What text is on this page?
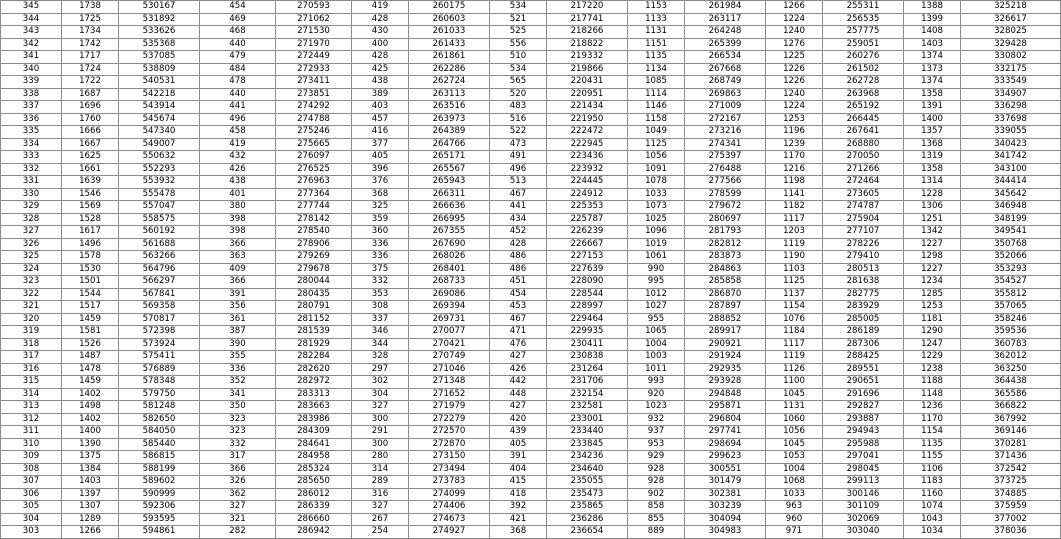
345	1738	530167	454	270593	419	260175	534	217220	1153	261984	1266	255311	1388	325218
344	1725	531892	469	271062	428	260603	521	217741	1133	263117	1224	256535	1399	326617
343	1734	533626	468	271530	430	261033	525	218266	1131	264248	1240	257775	1408	328025
342	1742	535368	440	271970	400	261433	556	218822	1151	265399	1276	259051	1403	329428
341	1717	537085	479	272449	428	261861	510	219332	1135	266534	1225	260276	1374	330802
340	1724	538809	484	272933	425	262286	534	219866	1134	267668	1226	261502	1373	332175
339	1722	540531	478	273411	438	262724	565	220431	1085	268749	1226	262728	1374	333549
338	1687	542218	440	273851	389	263113	520	220951	1114	269863	1240	263968	1358	334907
337	1696	543914	441	274292	403	263516	483	221434	1146	271009	1224	265192	1391	336298
336	1760	545674	496	274788	457	263973	516	221950	1158	272167	1253	266445	1400	337698
335	1666	547340	458	275246	416	264389	522	222472	1049	273216	1196	267641	1357	339055
334	1667	549007	419	275665	377	264766	473	222945	1125	274341	1239	268880	1368	340423
333	1625	550632	432	276097	405	265171	491	223436	1056	275397	1170	270050	1319	341742
332	1661	552293	426	276525	396	265567	496	223932	1091	276488	1216	271266	1358	343100
331	1639	553932	438	276963	376	265943	513	224445	1078	277566	1198	272464	1314	344414
330	1546	555478	401	277364	368	266311	467	224912	1033	278599	1141	273605	1228	345642
329	1569	557047	380	277744	325	266636	441	225353	1073	279672	1182	274787	1306	346948
328	1528	558575	398	278142	359	266995	434	225787	1025	280697	1117	275904	1251	348199
327	1617	560192	398	278540	360	267355	452	226239	1096	281793	1203	277107	1342	349541
326	1496	561688	366	278906	336	267690	428	226667	1019	282812	1119	278226	1227	350768
325	1578	563266	363	279269	336	268026	486	227153	1061	283873	1190	279410	1298	352066
324	1530	564796	409	279678	375	268401	486	227639	990	284863	1103	280513	1227	353293
323	1501	566297	366	280044	332	268733	451	228090	995	285858	1125	281638	1234	354527
322	1544	567841	391	280435	353	269086	454	228544	1012	286870	1137	282775	1285	355812
321	1517	569358	356	280791	308	269394	453	228997	1027	287897	1154	283929	1253	357065
320	1459	570817	361	281152	337	269731	467	229464	955	288852	1076	285005	1181	358246
319	1581	572398	387	281539	346	270077	471	229935	1065	289917	1184	286189	1290	359536
318	1526	573924	390	281929	344	270421	476	230411	1004	290921	1117	287306	1247	360783
317	1487	575411	355	282284	328	270749	427	230838	1003	291924	1119	288425	1229	362012
316	1478	576889	336	282620	297	271046	426	231264	1011	292935	1126	289551	1238	363250
315	1459	578348	352	282972	302	271348	442	231706	993	293928	1100	290651	1188	364438
314	1402	579750	341	283313	304	271652	448	232154	920	294848	1045	291696	1148	365586
313	1498	581248	350	283663	327	271979	427	232581	1023	295871	1131	292827	1236	366822
312	1402	582650	323	283986	300	272279	420	233001	932	296804	1060	293887	1170	367992
311	1400	584050	323	284309	291	272570	439	233440	937	297741	1056	294943	1154	369146
310	1390	585440	332	284641	300	272870	405	233845	953	298694	1045	295988	1135	370281
309	1375	586815	317	284958	280	273150	391	234236	929	299623	1053	297041	1155	371436
308	1384	588199	366	285324	314	273494	404	234640	928	300551	1004	298045	1106	372542
307	1403	589602	326	285650	289	273783	415	235055	928	301479	1068	299113	1183	373725
306	1397	590999	362	286012	316	274099	418	235473	902	302381	1033	300146	1160	374885
305	1307	592306	327	286339	327	274406	392	235865	858	303239	963	301109	1074	375959
304	1289	593595	321	286660	267	274673	421	236286	855	304094	960	302069	1043	377002
303	1266	594861	282	286942	254	274927	368	236654	889	304983	971	303040	1034	378036
